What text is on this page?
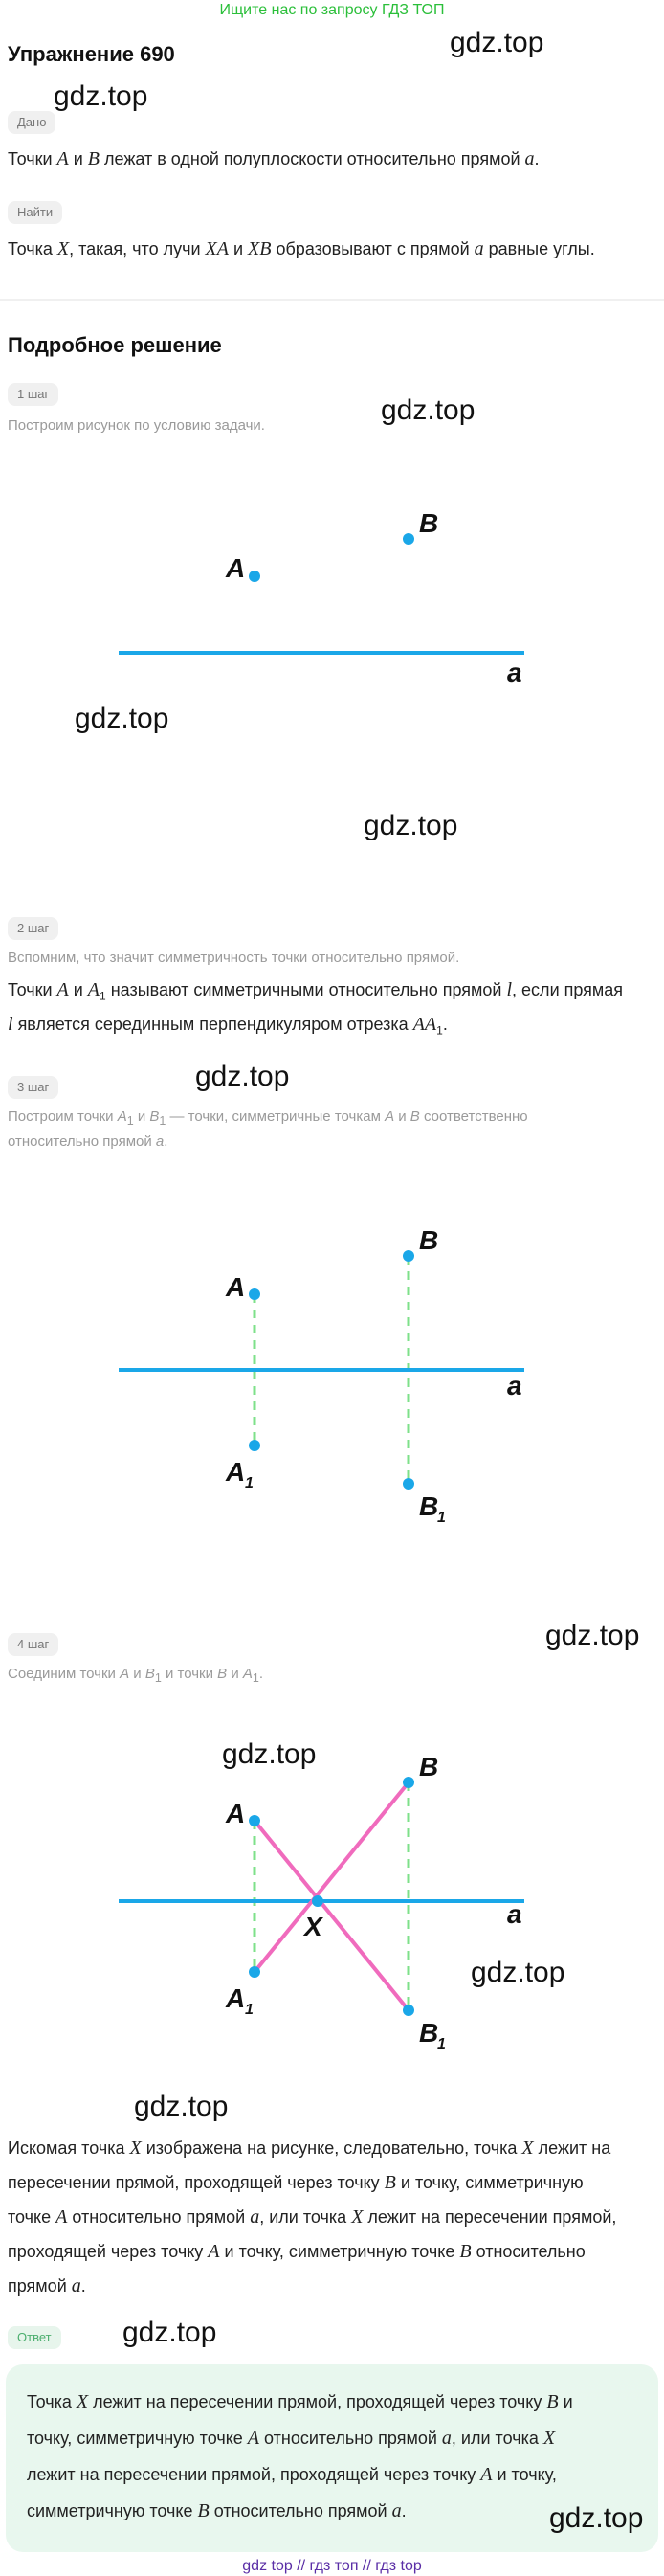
Ищите нас по запросу ГДЗ ТОП
Упражнение 690	gdz.top
gdz.top
Дано
Точки A и B лежат в одной полуплоскости относительно прямой a.
Найти
Точка X, такая, что лучи XA и XB образовывают с прямой a равные углы.
Подробное решение
1 шаг
gdz.top
Построим рисунок по условию задачи.
A
B
a
gdz.top
gdz.top
2 шаг
Вспомним, что значит симметричность точки относительно прямой.
Точки A и $A_1$ называют симметричными относительно прямой l, если прямая
l является серединным перпендикуляром отрезка $AA_1$.
3 шаг	gdz.top
Построим точки $A_1$ и $B_1$ — точки, симметричные точкам A и B соответственно
относительно прямой a.
A
B
a
A 1
B
1
4 шаг	gdz.top
Соединим точки A и $B_1$ и точки B и $A_1$.
A
B
a
X
A 1
B
1
gdz.top
gdz.top
gdz.top
Искомая точка X изображена на рисунке, следовательно, точка X лежит на
пересечении прямой, проходящей через точку B и точку, симметричную
точке A относительно прямой a, или точка X лежит на пересечении прямой,
проходящей через точку A и точку, симметричную точке B относительно
прямой a.
Ответ	gdz.top
Точка X лежит на пересечении прямой, проходящей через точку B и
точку, симметричную точке A относительно прямой a, или точка X
лежит на пересечении прямой, проходящей через точку A и точку,
симметричную точке B относительно прямой a.	gdz.top
gdz top // гдз топ // гдз top
